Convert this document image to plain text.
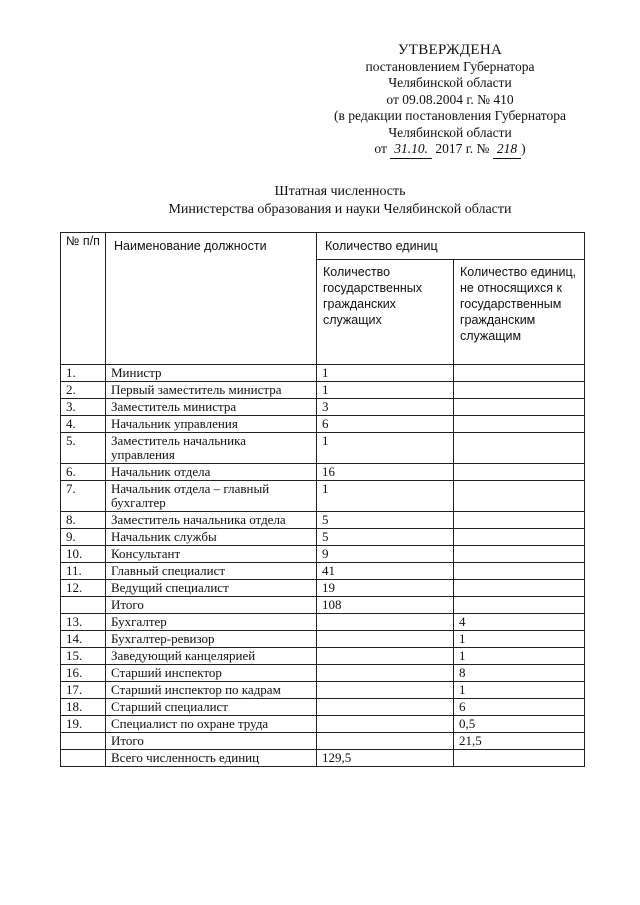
УТВЕРЖДЕНА
постановлением Губернатора
Челябинской области
от 09.08.2004 г. № 410
(в редакции постановления Губернатора
Челябинской области
от 31.10. 2017 г. № 218 )
Штатная численность
Министерства образования и науки Челябинской области
№ п/п	Наименование должности	Количество единиц	
		Количество государственных гражданских служащих	Количество единиц, не относящихся к государственным гражданским служащим
1.	Министр	1	
2.	Первый заместитель министра	1	
3.	Заместитель министра	3	
4.	Начальник управления	6	
5.	Заместитель начальника управления	1	
6.	Начальник отдела	16	
7.	Начальник отдела – главный бухгалтер	1	
8.	Заместитель начальника отдела	5	
9.	Начальник службы	5	
10.	Консультант	9	
11.	Главный специалист	41	
12.	Ведущий специалист	19	
	Итого	108	
13.	Бухгалтер		4
14.	Бухгалтер-ревизор		1
15.	Заведующий канцелярией		1
16.	Старший инспектор		8
17.	Старший инспектор по кадрам		1
18.	Старший специалист		6
19.	Специалист по охране труда		0,5
	Итого		21,5
	Всего численность единиц	129,5	
